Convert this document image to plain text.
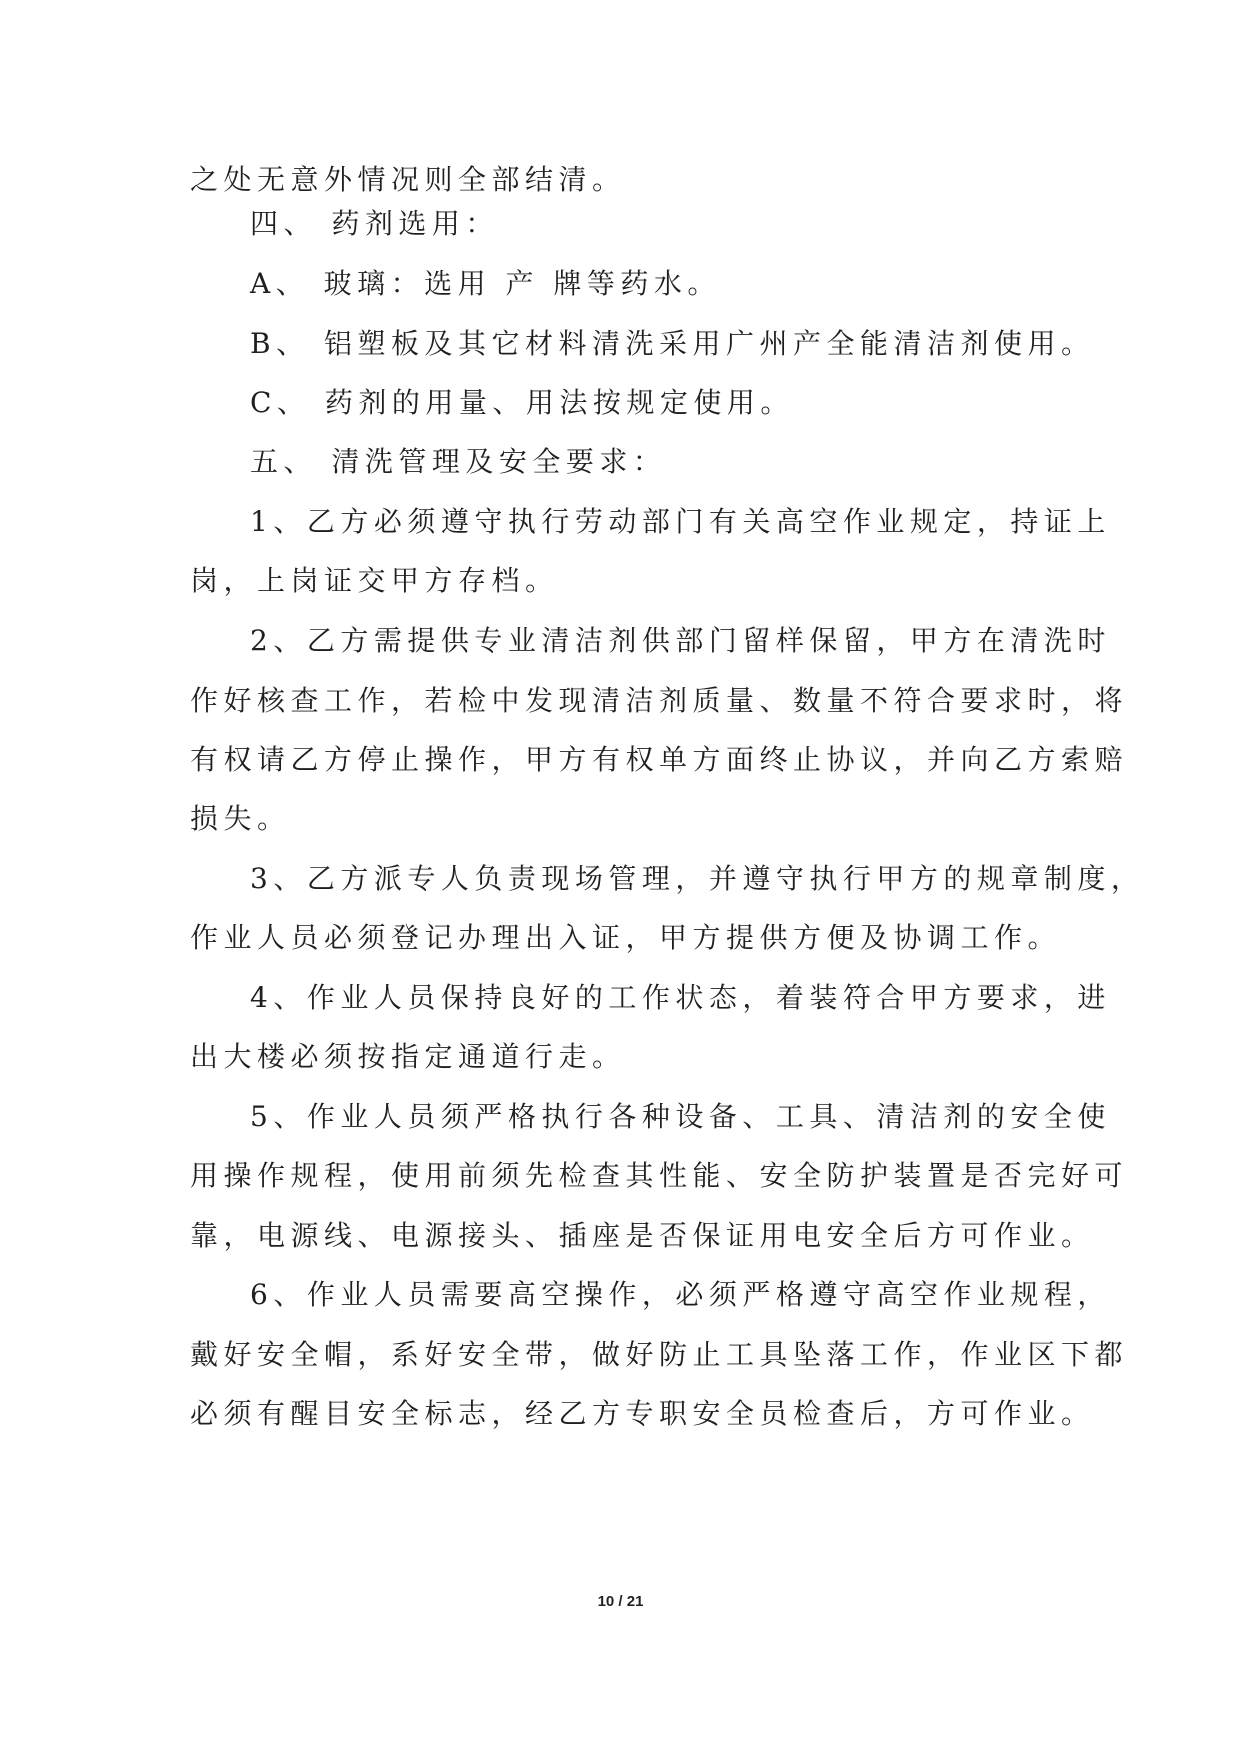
之处无意外情况则全部结清。
四、 药剂选用：
A、 玻璃：选用 产 牌等药水。
B、 铝塑板及其它材料清洗采用广州产全能清洁剂使用。
C、 药剂的用量、用法按规定使用。
五、 清洗管理及安全要求：
1、乙方必须遵守执行劳动部门有关高空作业规定，持证上
岗，上岗证交甲方存档。
2、乙方需提供专业清洁剂供部门留样保留，甲方在清洗时
作好核查工作，若检中发现清洁剂质量、数量不符合要求时，将
有权请乙方停止操作，甲方有权单方面终止协议，并向乙方索赔
损失。
3、乙方派专人负责现场管理，并遵守执行甲方的规章制度，
作业人员必须登记办理出入证，甲方提供方便及协调工作。
4、作业人员保持良好的工作状态，着装符合甲方要求，进
出大楼必须按指定通道行走。
5、作业人员须严格执行各种设备、工具、清洁剂的安全使
用操作规程，使用前须先检查其性能、安全防护装置是否完好可
靠，电源线、电源接头、插座是否保证用电安全后方可作业。
6、作业人员需要高空操作，必须严格遵守高空作业规程，
戴好安全帽，系好安全带，做好防止工具坠落工作，作业区下都
必须有醒目安全标志，经乙方专职安全员检查后，方可作业。
10 / 21
